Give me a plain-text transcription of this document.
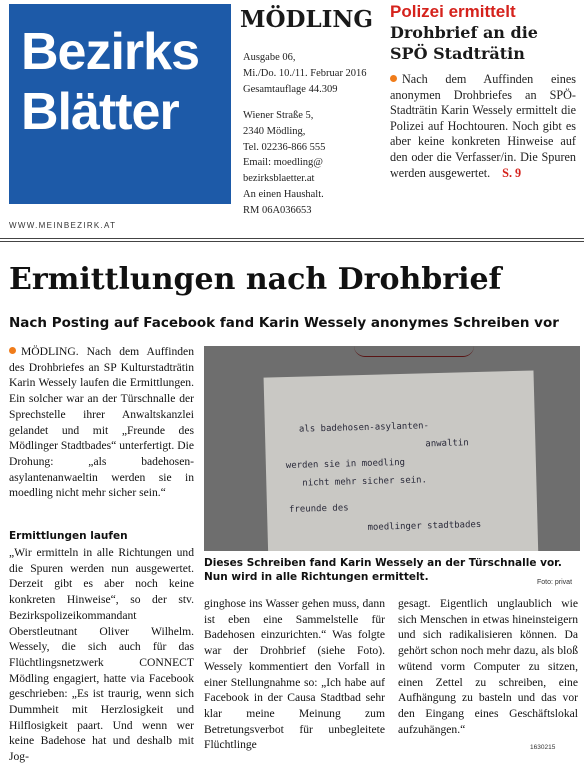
Bezirks
Blätter
MÖDLING
Ausgabe 06,
Mi./Do. 10./11. Februar 2016
Gesamtauflage 44.309
Wiener Straße 5,
2340 Mödling,
Tel. 02236-866 555
Email: moedling@
bezirksblaetter.at
An einen Haushalt.
RM 06A036653
Polizei ermittelt
Drohbrief an die SPÖ Stadträtin
Nach dem Auffinden eines anonymen Drohbriefes an SPÖ-Stadträtin Karin Wessely ermittelt die Polizei auf Hochtouren. Noch gibt es aber keine konkreten Hinweise auf den oder die Verfasser/in. Die Spuren werden ausgewertet. S. 9
WWW.MEINBEZIRK.AT
Ermittlungen nach Drohbrief
Nach Posting auf Facebook fand Karin Wessely anonymes Schreiben vor

MÖDLING. Nach dem Auffinden des Drohbriefes an SP Kulturstadträtin Karin Wessely laufen die Ermittlungen. Ein solcher war an der Türschnalle der Sprechstelle ihrer Anwaltskanzlei gelandet und mit „Freunde des Mödlinger Stadtbades“ unterfertigt. Die Drohung: „als badehosen-asylantenanwaeltin werden sie in moedling nicht mehr sicher sein.“

Ermittlungen laufen

„Wir ermitteln in alle Richtungen und die Spuren werden nun ausgewertet. Derzeit gibt es aber noch keine konkreten Hinweise“, so der stv. Bezirkspolizeikommandant Oberstleutnant Oliver Wilhelm. Wessely, die sich auch für das Flüchtlingsnetzwerk CONNECT Mödling engagiert, hatte via Facebook geschrieben: „Es ist traurig, wenn sich Dummheit mit Herzlosigkeit und Hilflosigkeit paart. Und wenn wer keine Badehose hat und deshalb mit Jog-

ginghose ins Wasser gehen muss, dann ist eben eine Sammelstelle für Badehosen einzurichten.“ Was folgte war der Drohbrief (siehe Foto). Wessely kommentiert den Vorfall in einer Stellungnahme so: „Ich habe auf Facebook in der Causa Stadtbad sehr klar meine Meinung zum Betretungsverbot für unbegleitete Flüchtlinge

gesagt. Eigentlich unglaublich wie sich Menschen in etwas hineinsteigern und sich radikalisieren können. Da gehört schon noch mehr dazu, als bloß wütend vorm Computer zu sitzen, einen Zettel zu schreiben, eine Aufhängung zu basteln und das vor den Eingang eines Geschäftslokal aufzuhängen.“

1630215
als badehosen-asylanten-
anwaltin
werden sie in moedling
nicht mehr sicher sein.
freunde des
moedlinger stadtbades
Dieses Schreiben fand Karin Wessely an der Türschnalle vor. Nun wird in alle Richtungen ermittelt.	Foto: privat
